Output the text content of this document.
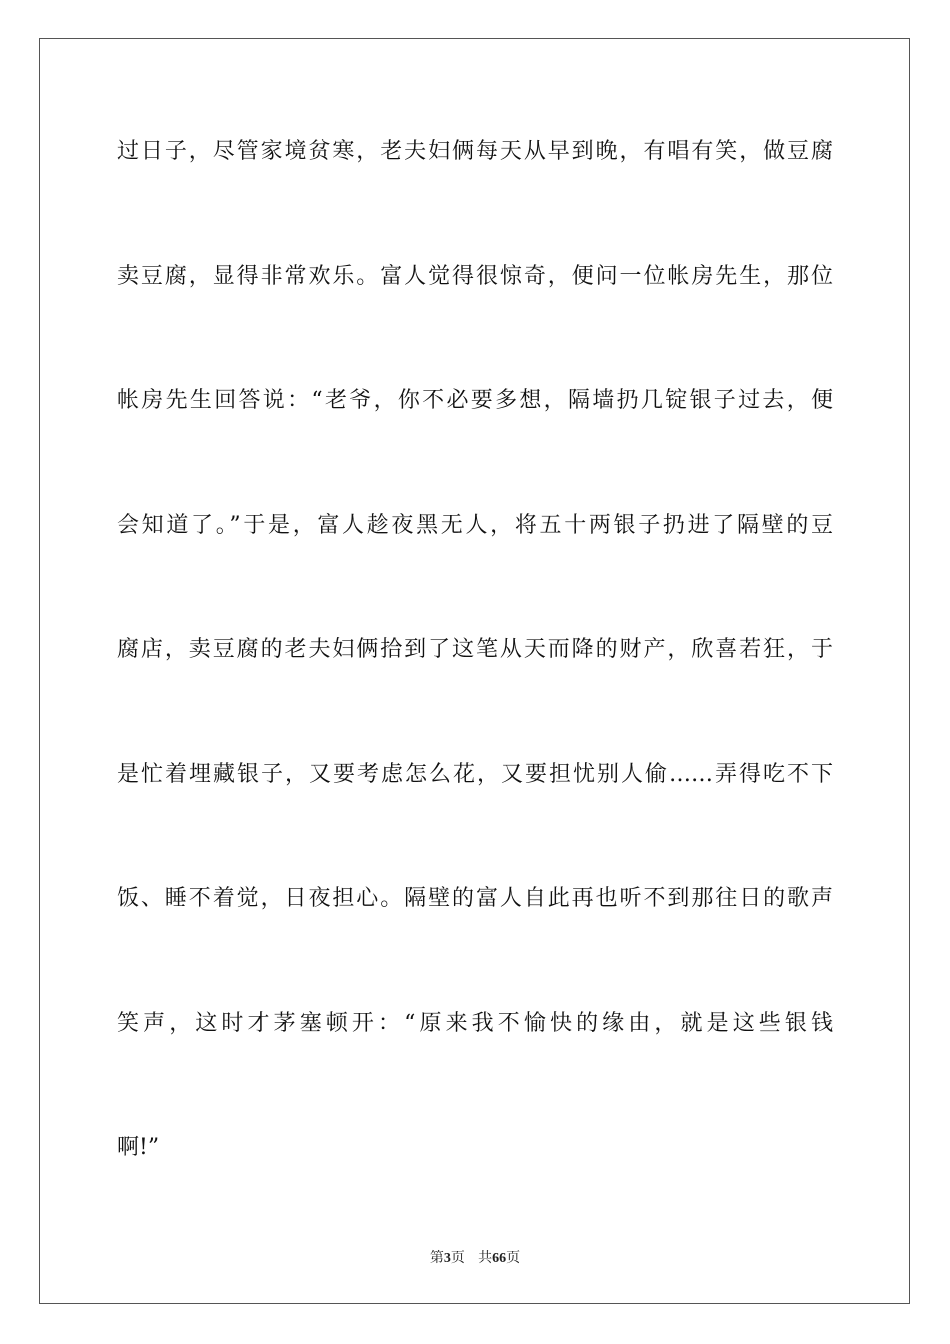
过日子，尽管家境贫寒，老夫妇俩每天从早到晚，有唱有笑，做豆腐
卖豆腐，显得非常欢乐。富人觉得很惊奇，便问一位帐房先生，那位
帐房先生回答说：“老爷，你不必要多想，隔墙扔几锭银子过去，便
会知道了。”于是，富人趁夜黑无人，将五十两银子扔进了隔壁的豆
腐店，卖豆腐的老夫妇俩拾到了这笔从天而降的财产，欣喜若狂，于
是忙着埋藏银子，又要考虑怎么花，又要担忧别人偷……弄得吃不下
饭、睡不着觉，日夜担心。隔壁的富人自此再也听不到那往日的歌声
笑声，这时才茅塞顿开：“原来我不愉快的缘由，就是这些银钱
啊!”
第3页 共66页
